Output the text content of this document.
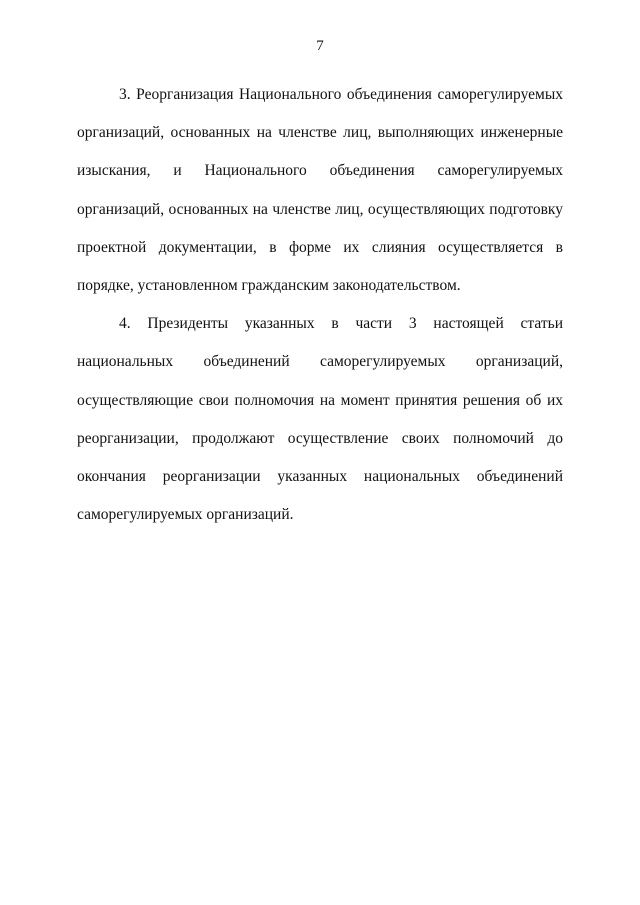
7

3. Реорганизация Национального объединения саморегулируемых организаций, основанных на членстве лиц, выполняющих инженерные изыскания, и Национального объединения саморегулируемых организаций, основанных на членстве лиц, осуществляющих подготовку проектной документации, в форме их слияния осуществляется в порядке, установленном гражданским законодательством.

4. Президенты указанных в части 3 настоящей статьи национальных объединений саморегулируемых организаций, осуществляющие свои полномочия на момент принятия решения об их реорганизации, продолжают осуществление своих полномочий до окончания реорганизации указанных национальных объединений саморегулируемых организаций.
